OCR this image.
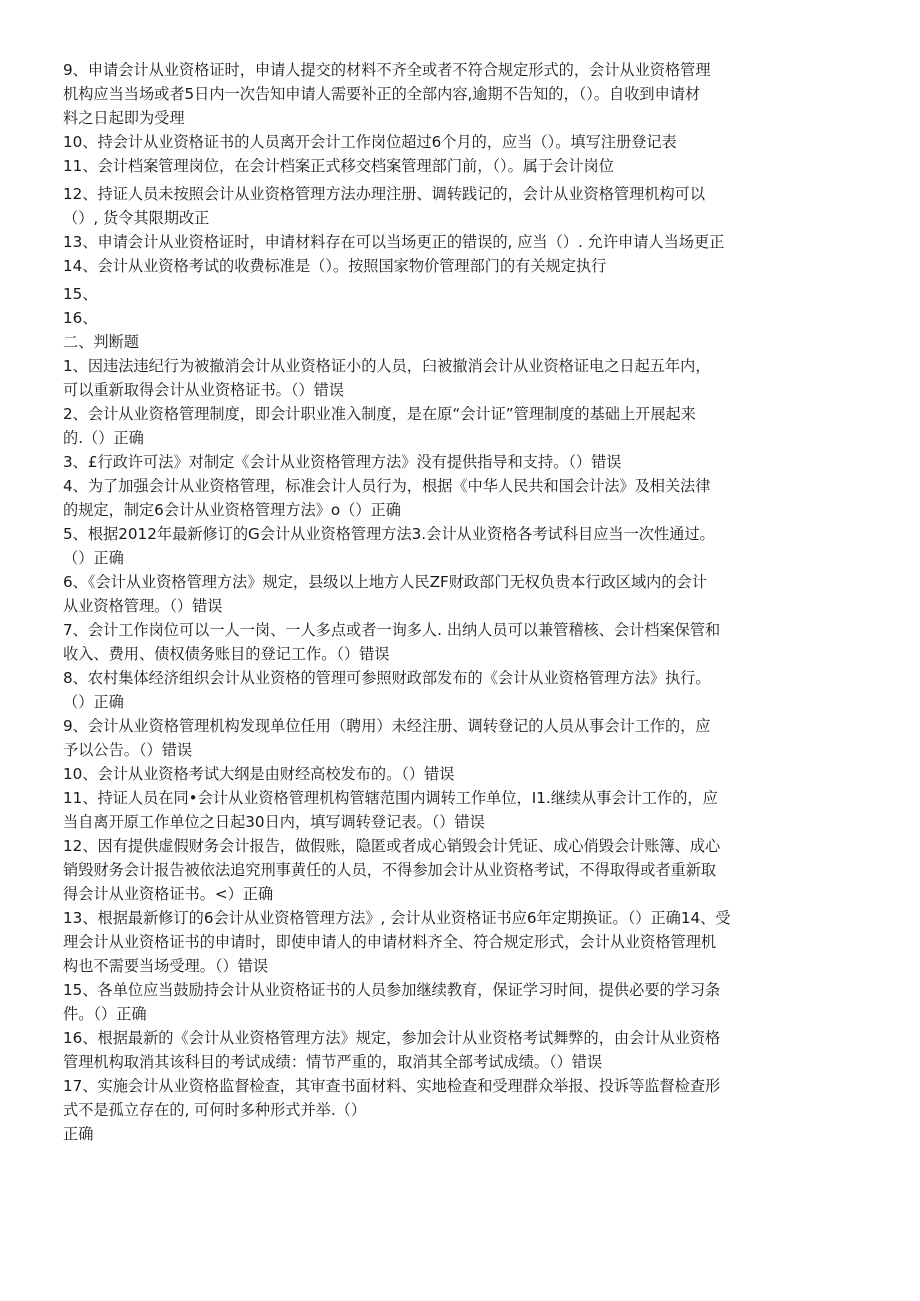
9、申请会计从业资格证时，申请人提交的材料不齐全或者不符合规定形式的，会计从业资格管理
机构应当当场或者5日内一次告知申请人需要补正的全部内容,逾期不告知的，（）。自收到申请材
料之日起即为受理
10、持会计从业资格证书的人员离开会计工作岗位超过6个月的，应当（）。填写注册登记表
11、会计档案管理岗位，在会计档案正式移交档案管理部门前，（）。属于会计岗位
12、持证人员未按照会计从业资格管理方法办理注册、调转践记的，会计从业资格管理机构可以
（）, 货令其限期改正
13、申请会计从业资格证时，申请材料存在可以当场更正的错误的, 应当（）. 允许申请人当场更正
14、会计从业资格考试的收费标准是（）。按照国家物价管理部门的有关规定执行
15、
16、
二、判断题
1、因违法违纪行为被撤消会计从业资格证小的人员，臼被撤消会计从业资格证电之日起五年内，
可以重新取得会计从业资格证书。（）错误
2、会计从业资格管理制度，即会计职业准入制度，是在原“会计证”管理制度的基础上开展起来
的.（）正确
3、£行政许可法》对制定《会计从业资格管理方法》没有提供指导和支持。（）错误
4、为了加强会计从业资格管理，标准会计人员行为，根据《中华人民共和国会计法》及相关法律
的规定，制定6会计从业资格管理方法》o（）正确
5、根据2012年最新修订的G会计从业资格管理方法3.会计从业资格各考试科目应当一次性通过。
（）正确
6、《会计从业资格管理方法》规定，县级以上地方人民ZF财政部门无权负贵本行政区域内的会计
从业资格管理。（）错误
7、会计工作岗位可以一人一岗、一人多点或者一询多人. 出纳人员可以兼管稽核、会计档案保管和
收入、费用、债权债务账目的登记工作。（）错误
8、农村集体经济组织会计从业资格的管理可参照财政部发布的《会计从业资格管理方法》执行。
（）正确
9、会计从业资格管理机构发现单位任用（聘用）未经注册、调转登记的人员从事会计工作的，应
予以公告。（）错误
10、会计从业资格考试大纲是由财经高校发布的。（）错误
11、持证人员在同•会计从业资格管理机构管辖范围内调转工作单位，I1.继续从事会计工作的，应
当自离开原工作单位之日起30日内，填写调转登记表。（）错误
12、因有提供虚假财务会计报告，做假账，隐匿或者成心销毁会计凭证、成心俏毁会计账簿、成心
销毁财务会计报告被依法追究刑事黄任的人员，不得参加会计从业资格考试，不得取得或者重新取
得会计从业资格证书。<）正确
13、根据最新修订的6会计从业资格管理方法》, 会计从业资格证书应6年定期换证。（）正确14、受
理会计从业资格证书的申请时，即使申请人的申请材料齐全、符合规定形式，会计从业资格管理机
构也不需要当场受理。（）错误
15、各单位应当鼓励持会计从业资格证书的人员参加继续教育，保证学习时间，提供必要的学习条
件。（）正确
16、根据最新的《会计从业资格管理方法》规定，参加会计从业资格考试舞弊的，由会计从业资格
管理机构取消其该科目的考试成绩：情节严重的，取消其全部考试成绩。（）错误
17、实施会计从业资格监督检查，其审查书面材料、实地检查和受理群众举报、投诉等监督检查形
式不是孤立存在的, 可何时多种形式并举.（）
正确
